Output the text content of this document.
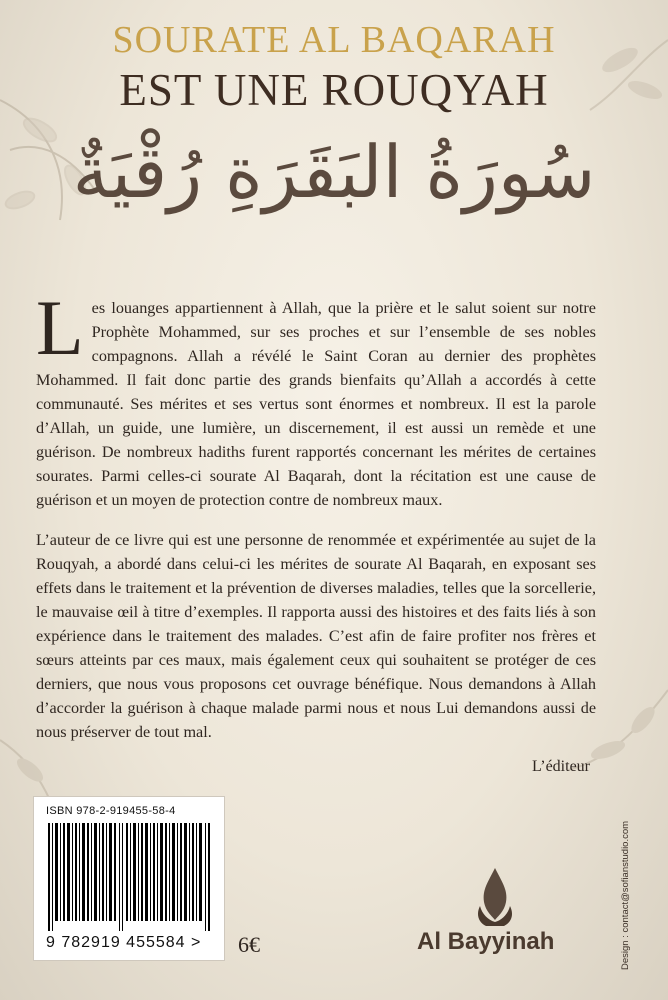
SOURATE AL BAQARAH
EST UNE ROUQYAH
سُورَةُ البَقَرَةِ رُقْيَةٌ

Les louanges appartiennent à Allah, que la prière et le salut soient sur notre Prophète Mohammed, sur ses proches et sur l’ensemble de ses nobles compagnons. Allah a révélé le Saint Coran au dernier des prophètes Mohammed. Il fait donc partie des grands bienfaits qu’Allah a accordés à cette communauté. Ses mérites et ses vertus sont énormes et nombreux. Il est la parole d’Allah, un guide, une lumière, un discernement, il est aussi un remède et une guérison. De nombreux hadiths furent rapportés concernant les mérites de certaines sourates. Parmi celles-ci sourate Al Baqarah, dont la récitation est une cause de guérison et un moyen de protection contre de nombreux maux.

L’auteur de ce livre qui est une personne de renommée et expérimentée au sujet de la Rouqyah, a abordé dans celui-ci les mérites de sourate Al Baqarah, en exposant ses effets dans le traitement et la prévention de diverses maladies, telles que la sorcellerie, le mauvaise œil à titre d’exemples. Il rapporta aussi des histoires et des faits liés à son expérience dans le traitement des malades. C’est afin de faire profiter nos frères et sœurs atteints par ces maux, mais également ceux qui souhaitent se protéger de ces derniers, que nous vous proposons cet ouvrage bénéfique. Nous demandons à Allah d’accorder la guérison à chaque malade parmi nous et nous Lui demandons aussi de nous préserver de tout mal.

L’éditeur
ISBN 978-2-919455-58-4
9 782919 455584 > 6€	Al Bayyinah	Design : contact@sofianstudio.com
